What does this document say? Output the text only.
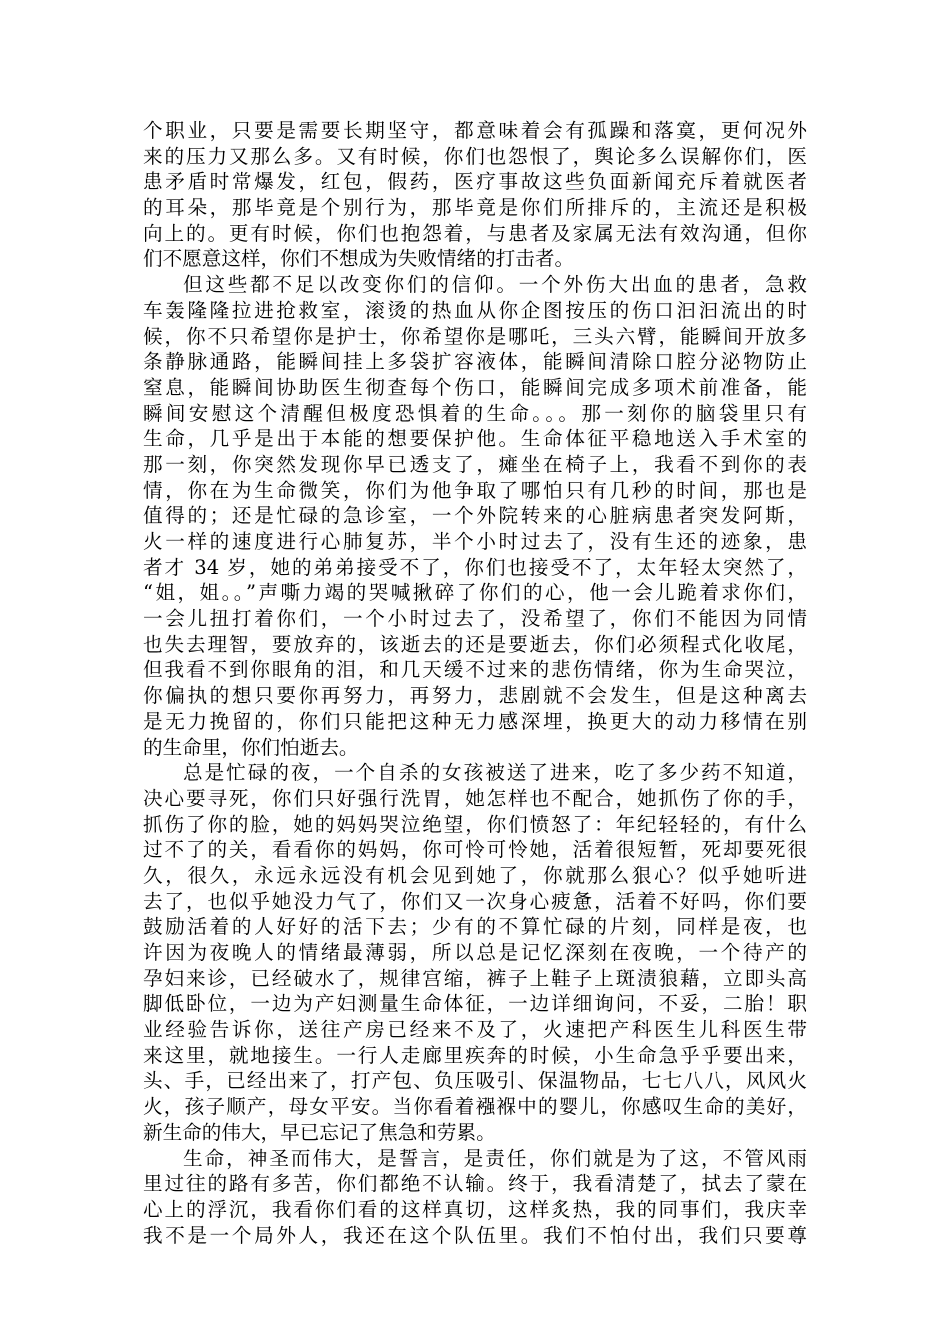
个职业，只要是需要长期坚守，都意味着会有孤躁和落寞，更何况外
来的压力又那么多。又有时候，你们也怨恨了，舆论多么误解你们，医
患矛盾时常爆发，红包，假药，医疗事故这些负面新闻充斥着就医者
的耳朵，那毕竟是个别行为，那毕竟是你们所排斥的，主流还是积极
向上的。更有时候，你们也抱怨着，与患者及家属无法有效沟通，但你
们不愿意这样，你们不想成为失败情绪的打击者。
但这些都不足以改变你们的信仰。一个外伤大出血的患者，急救
车轰隆隆拉进抢救室，滚烫的热血从你企图按压的伤口汩汩流出的时
候，你不只希望你是护士，你希望你是哪吒，三头六臂，能瞬间开放多
条静脉通路，能瞬间挂上多袋扩容液体，能瞬间清除口腔分泌物防止
窒息，能瞬间协助医生彻查每个伤口，能瞬间完成多项术前准备，能
瞬间安慰这个清醒但极度恐惧着的生命。。。那一刻你的脑袋里只有
生命，几乎是出于本能的想要保护他。生命体征平稳地送入手术室的
那一刻，你突然发现你早已透支了，瘫坐在椅子上，我看不到你的表
情，你在为生命微笑，你们为他争取了哪怕只有几秒的时间，那也是
值得的；还是忙碌的急诊室，一个外院转来的心脏病患者突发阿斯，
火一样的速度进行心肺复苏，半个小时过去了，没有生还的迹象，患
者才 34 岁，她的弟弟接受不了，你们也接受不了，太年轻太突然了，
“姐，姐。。”声嘶力竭的哭喊揪碎了你们的心，他一会儿跪着求你们，
一会儿扭打着你们，一个小时过去了，没希望了，你们不能因为同情
也失去理智，要放弃的，该逝去的还是要逝去，你们必须程式化收尾，
但我看不到你眼角的泪，和几天缓不过来的悲伤情绪，你为生命哭泣，
你偏执的想只要你再努力，再努力，悲剧就不会发生，但是这种离去
是无力挽留的，你们只能把这种无力感深埋，换更大的动力移情在别
的生命里，你们怕逝去。
总是忙碌的夜，一个自杀的女孩被送了进来，吃了多少药不知道，
决心要寻死，你们只好强行洗胃，她怎样也不配合，她抓伤了你的手，
抓伤了你的脸，她的妈妈哭泣绝望，你们愤怒了：年纪轻轻的，有什么
过不了的关，看看你的妈妈，你可怜可怜她，活着很短暂，死却要死很
久，很久，永远永远没有机会见到她了，你就那么狠心？似乎她听进
去了，也似乎她没力气了，你们又一次身心疲惫，活着不好吗，你们要
鼓励活着的人好好的活下去；少有的不算忙碌的片刻，同样是夜，也
许因为夜晚人的情绪最薄弱，所以总是记忆深刻在夜晚，一个待产的
孕妇来诊，已经破水了，规律宫缩，裤子上鞋子上斑渍狼藉，立即头高
脚低卧位，一边为产妇测量生命体征，一边详细询问，不妥，二胎！职
业经验告诉你，送往产房已经来不及了，火速把产科医生儿科医生带
来这里，就地接生。一行人走廊里疾奔的时候，小生命急乎乎要出来，
头、手，已经出来了，打产包、负压吸引、保温物品，七七八八，风风火
火，孩子顺产，母女平安。当你看着襁褓中的婴儿，你感叹生命的美好，
新生命的伟大，早已忘记了焦急和劳累。
生命，神圣而伟大，是誓言，是责任，你们就是为了这，不管风雨
里过往的路有多苦，你们都绝不认输。终于，我看清楚了，拭去了蒙在
心上的浮沉，我看你们看的这样真切，这样炙热，我的同事们，我庆幸
我不是一个局外人，我还在这个队伍里。我们不怕付出，我们只要尊
